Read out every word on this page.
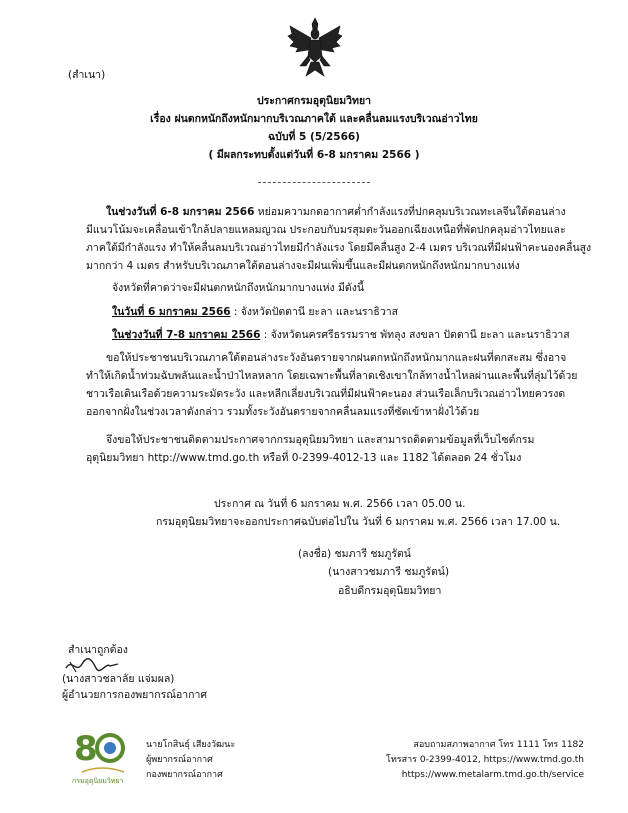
(สำเนา)
ประกาศกรมอุตุนิยมวิทยา
เรื่อง ฝนตกหนักถึงหนักมากบริเวณภาคใต้ และคลื่นลมแรงบริเวณอ่าวไทย
ฉบับที่ 5 (5/2566)
( มีผลกระทบตั้งแต่วันที่ 6-8 มกราคม 2566 )
ในช่วงวันที่ 6-8 มกราคม 2566 หย่อมความกดอากาศต่ำกำลังแรงที่ปกคลุมบริเวณทะเลจีนใต้ตอนล่าง
มีแนวโน้มจะเคลื่อนเข้าใกล้ปลายแหลมญวณ ประกอบกับมรสุมตะวันออกเฉียงเหนือที่พัดปกคลุมอ่าวไทยและ
ภาคใต้มีกำลังแรง ทำให้คลื่นลมบริเวณอ่าวไทยมีกำลังแรง โดยมีคลื่นสูง 2-4 เมตร บริเวณที่มีฝนฟ้าคะนองคลื่นสูง
มากกว่า 4 เมตร สำหรับบริเวณภาคใต้ตอนล่างจะมีฝนเพิ่มขึ้นและมีฝนตกหนักถึงหนักมากบางแห่ง
จังหวัดที่คาดว่าจะมีฝนตกหนักถึงหนักมากบางแห่ง มีดังนี้
ในวันที่ 6 มกราคม 2566 : จังหวัดปัตตานี ยะลา และนราธิวาส
ในช่วงวันที่ 7-8 มกราคม 2566 : จังหวัดนครศรีธรรมราช พัทลุง สงขลา ปัตตานี ยะลา และนราธิวาส
ขอให้ประชาชนบริเวณภาคใต้ตอนล่างระวังอันตรายจากฝนตกหนักถึงหนักมากและฝนที่ตกสะสม ซึ่งอาจ
ทำให้เกิดน้ำท่วมฉับพลันและน้ำป่าไหลหลาก โดยเฉพาะพื้นที่ลาดเชิงเขาใกล้ทางน้ำไหลผ่านและพื้นที่ลุ่มไว้ด้วย
ชาวเรือเดินเรือด้วยความระมัดระวัง และหลีกเลี่ยงบริเวณที่มีฝนฟ้าคะนอง ส่วนเรือเล็กบริเวณอ่าวไทยควรงด
ออกจากฝั่งในช่วงเวลาดังกล่าว รวมทั้งระวังอันตรายจากคลื่นลมแรงที่ซัดเข้าหาฝั่งไว้ด้วย
จึงขอให้ประชาชนติดตามประกาศจากกรมอุตุนิยมวิทยา และสามารถติดตามข้อมูลที่เว็บไซต์กรม
อุตุนิยมวิทยา http://www.tmd.go.th หรือที่ 0-2399-4012-13 และ 1182 ได้ตลอด 24 ชั่วโมง
ประกาศ ณ วันที่ 6 มกราคม พ.ศ. 2566 เวลา 05.00 น.
กรมอุตุนิยมวิทยาจะออกประกาศฉบับต่อไปใน วันที่ 6 มกราคม พ.ศ. 2566 เวลา 17.00 น.
(ลงชื่อ) ชมภารี ชมภูรัตน์
(นางสาวชมภารี ชมภูรัตน์)
อธิบดีกรมอุตุนิยมวิทยา
สำเนาถูกต้อง
(นางสาวชลาลัย แจ่มผล)
ผู้อำนวยการกองพยากรณ์อากาศ
8
กรมอุตุนิยมวิทยา
นายโกสินธุ์ เสียงวัฒนะ
ผู้พยากรณ์อากาศ
กองพยากรณ์อากาศ
สอบถามสภาพอากาศ โทร 1111 โทร 1182
โทรสาร 0-2399-4012, https://www.tmd.go.th
https://www.metalarm.tmd.go.th/service
